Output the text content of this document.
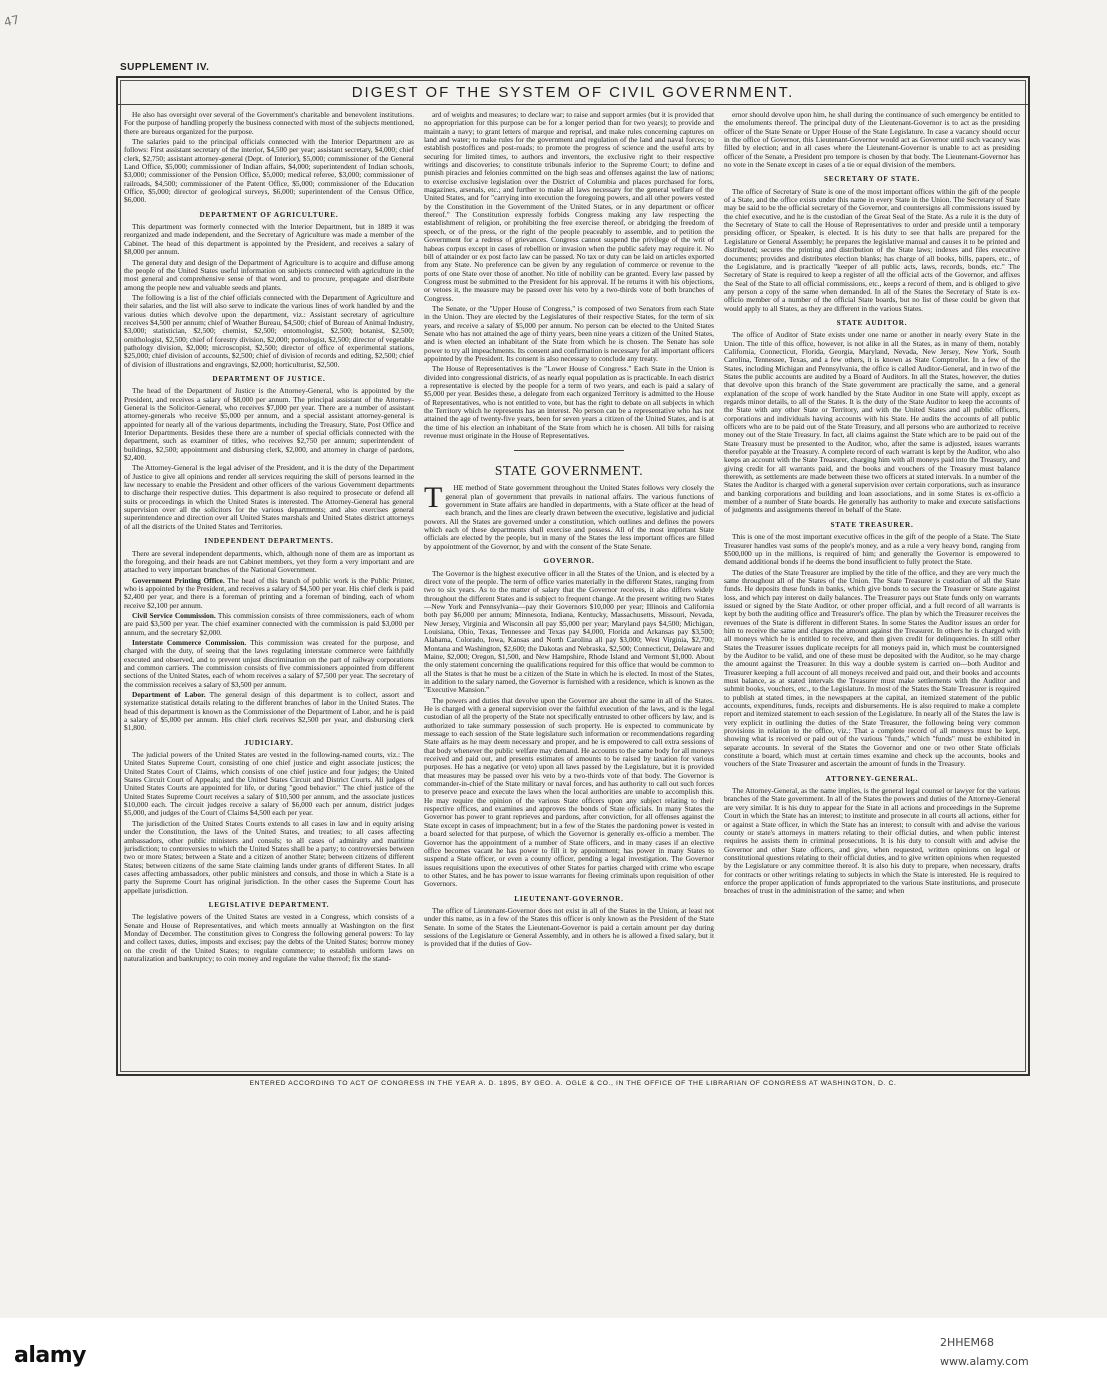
47
SUPPLEMENT IV.
DIGEST OF THE SYSTEM OF CIVIL GOVERNMENT.

He also has oversight over several of the Government's charitable and benevolent institutions. For the purpose of handling properly the business connected with most of the subjects mentioned, there are bureaus organized for the purpose.

The salaries paid to the principal officials connected with the Interior Department are as follows: First assistant secretary of the interior, $4,500 per year; assistant secretary, $4,000; chief clerk, $2,750; assistant attorney-general (Dept. of Interior), $5,000; commissioner of the General Land Office, $5,000; commissioner of Indian affairs, $4,000; superintendent of Indian schools, $3,000; commissioner of the Pension Office, $5,000; medical referee, $3,000; commissioner of railroads, $4,500; commissioner of the Patent Office, $5,000; commissioner of the Education Office, $5,000; director of geological surveys, $6,000; superintendent of the Census Office, $6,000.

DEPARTMENT OF AGRICULTURE.

This department was formerly connected with the Interior Department, but in 1889 it was reorganized and made independent, and the Secretary of Agriculture was made a member of the Cabinet. The head of this department is appointed by the President, and receives a salary of $8,000 per annum.

The general duty and design of the Department of Agriculture is to acquire and diffuse among the people of the United States useful information on subjects connected with agriculture in the most general and comprehensive sense of that word, and to procure, propagate and distribute among the people new and valuable seeds and plants.

The following is a list of the chief officials connected with the Department of Agriculture and their salaries, and the list will also serve to indicate the various lines of work handled by and the various duties which devolve upon the department, viz.: Assistant secretary of agriculture receives $4,500 per annum; chief of Weather Bureau, $4,500; chief of Bureau of Animal Industry, $3,000; statistician, $2,500; chemist, $2,500; entomologist, $2,500; botanist, $2,500; ornithologist, $2,500; chief of forestry division, $2,000; pomologist, $2,500; director of vegetable pathology division, $2,000; microscopist, $2,500; director of office of experimental stations, $25,000; chief division of accounts, $2,500; chief of division of records and editing, $2,500; chief of division of illustrations and engravings, $2,000; horticulturist, $2,500.

DEPARTMENT OF JUSTICE.

The head of the Department of Justice is the Attorney-General, who is appointed by the President, and receives a salary of $8,000 per annum. The principal assistant of the Attorney-General is the Solicitor-General, who receives $7,000 per year. There are a number of assistant attorney-generals who receive $5,000 per annum, and a special assistant attorney-general is appointed for nearly all of the various departments, including the Treasury, State, Post Office and Interior Departments. Besides these there are a number of special officials connected with the department, such as examiner of titles, who receives $2,750 per annum; superintendent of buildings, $2,500; appointment and disbursing clerk, $2,000, and attorney in charge of pardons, $2,400.

The Attorney-General is the legal adviser of the President, and it is the duty of the Department of Justice to give all opinions and render all services requiring the skill of persons learned in the law necessary to enable the President and other officers of the various Government departments to discharge their respective duties. This department is also required to prosecute or defend all suits or proceedings in which the United States is interested. The Attorney-General has general supervision over all the solicitors for the various departments; and also exercises general superintendence and direction over all United States marshals and United States district attorneys of all the districts of the United States and Territories.

INDEPENDENT DEPARTMENTS.

There are several independent departments, which, although none of them are as important as the foregoing, and their heads are not Cabinet members, yet they form a very important and are attached to very important branches of the National Government.

Government Printing Office. The head of this branch of public work is the Public Printer, who is appointed by the President, and receives a salary of $4,500 per year. His chief clerk is paid $2,400 per year, and there is a foreman of printing and a foreman of binding, each of whom receive $2,100 per annum.

Civil Service Commission. This commission consists of three commissioners, each of whom are paid $3,500 per year. The chief examiner connected with the commission is paid $3,000 per annum, and the secretary $2,000.

Interstate Commerce Commission. This commission was created for the purpose, and charged with the duty, of seeing that the laws regulating interstate commerce were faithfully executed and observed, and to prevent unjust discrimination on the part of railway corporations and common carriers. The commission consists of five commissioners appointed from different sections of the United States, each of whom receives a salary of $7,500 per year. The secretary of the commission receives a salary of $3,500 per annum.

Department of Labor. The general design of this department is to collect, assort and systematize statistical details relating to the different branches of labor in the United States. The head of this department is known as the Commissioner of the Department of Labor, and he is paid a salary of $5,000 per annum. His chief clerk receives $2,500 per year, and disbursing clerk $1,800.

JUDICIARY.

The judicial powers of the United States are vested in the following-named courts, viz.: The United States Supreme Court, consisting of one chief justice and eight associate justices; the United States Court of Claims, which consists of one chief justice and four judges; the United States Circuit Court of Appeals; and the United States Circuit and District Courts. All judges of United States Courts are appointed for life, or during "good behavior." The chief justice of the United States Supreme Court receives a salary of $10,500 per annum, and the associate justices $10,000 each. The circuit judges receive a salary of $6,000 each per annum, district judges $5,000, and judges of the Court of Claims $4,500 each per year.

The jurisdiction of the United States Courts extends to all cases in law and in equity arising under the Constitution, the laws of the United States, and treaties; to all cases affecting ambassadors, other public ministers and consuls; to all cases of admiralty and maritime jurisdiction; to controversies to which the United States shall be a party; to controversies between two or more States; between a State and a citizen of another State; between citizens of different States; between citizens of the same State claiming lands under grants of different States. In all cases affecting ambassadors, other public ministers and consuls, and those in which a State is a party the Supreme Court has original jurisdiction. In the other cases the Supreme Court has appellate jurisdiction.

LEGISLATIVE DEPARTMENT.

The legislative powers of the United States are vested in a Congress, which consists of a Senate and House of Representatives, and which meets annually at Washington on the first Monday of December. The constitution gives to Congress the following general powers: To lay and collect taxes, duties, imposts and excises; pay the debts of the United States; borrow money on the credit of the United States; to regulate commerce; to establish uniform laws on naturalization and bankruptcy; to coin money and regulate the value thereof; fix the stand-

ard of weights and measures; to declare war; to raise and support armies (but it is provided that no appropriation for this purpose can be for a longer period than for two years); to provide and maintain a navy; to grant letters of marque and reprisal, and make rules concerning captures on land and water; to make rules for the government and regulation of the land and naval forces; to establish postoffices and post-roads; to promote the progress of science and the useful arts by securing for limited times, to authors and inventors, the exclusive right to their respective writings and discoveries; to constitute tribunals inferior to the Supreme Court; to define and punish piracies and felonies committed on the high seas and offenses against the law of nations; to exercise exclusive legislation over the District of Columbia and places purchased for forts, magazines, arsenals, etc.; and further to make all laws necessary for the general welfare of the United States, and for "carrying into execution the foregoing powers, and all other powers vested by the Constitution in the Government of the United States, or in any department or officer thereof." The Constitution expressly forbids Congress making any law respecting the establishment of religion, or prohibiting the free exercise thereof, or abridging the freedom of speech, or of the press, or the right of the people peaceably to assemble, and to petition the Government for a redress of grievances. Congress cannot suspend the privilege of the writ of habeas corpus except in cases of rebellion or invasion when the public safety may require it. No bill of attainder or ex post facto law can be passed. No tax or duty can be laid on articles exported from any State. No preference can be given by any regulation of commerce or revenue to the ports of one State over those of another. No title of nobility can be granted. Every law passed by Congress must be submitted to the President for his approval. If he returns it with his objections, or vetoes it, the measure may be passed over his veto by a two-thirds vote of both branches of Congress.

The Senate, or the "Upper House of Congress," is composed of two Senators from each State in the Union. They are elected by the Legislatures of their respective States, for the term of six years, and receive a salary of $5,000 per annum. No person can be elected to the United States Senate who has not attained the age of thirty years, been nine years a citizen of the United States, and is when elected an inhabitant of the State from which he is chosen. The Senate has sole power to try all impeachments. Its consent and confirmation is necessary for all important officers appointed by the President. Its consent is also necessary to conclude any treaty.

The House of Representatives is the "Lower House of Congress." Each State in the Union is divided into congressional districts, of as nearly equal population as is practicable. In each district a representative is elected by the people for a term of two years, and each is paid a salary of $5,000 per year. Besides these, a delegate from each organized Territory is admitted to the House of Representatives, who is not entitled to vote, but has the right to debate on all subjects in which the Territory which he represents has an interest. No person can be a representative who has not attained the age of twenty-five years, been for seven years a citizen of the United States, and is at the time of his election an inhabitant of the State from which he is chosen. All bills for raising revenue must originate in the House of Representatives.

STATE GOVERNMENT.

T HE method of State government throughout the United States follows very closely the general plan of government that prevails in national affairs. The various functions of government in State affairs are handled in departments, with a State officer at the head of each branch, and the lines are clearly drawn between the executive, legislative and judicial powers. All the States are governed under a constitution, which outlines and defines the powers which each of these departments shall exercise and possess. All of the most important State officials are elected by the people, but in many of the States the less important offices are filled by appointment of the Governor, by and with the consent of the State Senate.

GOVERNOR.

The Governor is the highest executive officer in all the States of the Union, and is elected by a direct vote of the people. The term of office varies materially in the different States, ranging from two to six years. As to the matter of salary that the Governor receives, it also differs widely throughout the different States and is subject to frequent change. At the present writing two States—New York and Pennsylvania—pay their Governors $10,000 per year; Illinois and California both pay $6,000 per annum; Minnesota, Indiana, Kentucky, Massachusetts, Missouri, Nevada, New Jersey, Virginia and Wisconsin all pay $5,000 per year; Maryland pays $4,500; Michigan, Louisiana, Ohio, Texas, Tennessee and Texas pay $4,000, Florida and Arkansas pay $3,500; Alabama, Colorado, Iowa, Kansas and North Carolina all pay $3,000; West Virginia, $2,700; Montana and Washington, $2,600; the Dakotas and Nebraska, $2,500; Connecticut, Delaware and Maine, $2,000; Oregon, $1,500, and New Hampshire, Rhode Island and Vermont $1,000. About the only statement concerning the qualifications required for this office that would be common to all the States is that he must be a citizen of the State in which he is elected. In most of the States, in addition to the salary named, the Governor is furnished with a residence, which is known as the "Executive Mansion."

The powers and duties that devolve upon the Governor are about the same in all of the States. He is charged with a general supervision over the faithful execution of the laws, and is the legal custodian of all the property of the State not specifically entrusted to other officers by law, and is authorized to take summary possession of such property. He is expected to communicate by message to each session of the State legislature such information or recommendations regarding State affairs as he may deem necessary and proper, and he is empowered to call extra sessions of that body whenever the public welfare may demand. He accounts to the same body for all moneys received and paid out, and presents estimates of amounts to be raised by taxation for various purposes. He has a negative (or veto) upon all laws passed by the Legislature, but it is provided that measures may be passed over his veto by a two-thirds vote of that body. The Governor is commander-in-chief of the State military or naval forces, and has authority to call out such forces to preserve peace and execute the laws when the local authorities are unable to accomplish this. He may require the opinion of the various State officers upon any subject relating to their respective offices, and examines and approves the bonds of State officials. In many States the Governor has power to grant reprieves and pardons, after conviction, for all offenses against the State except in cases of impeachment; but in a few of the States the pardoning power is vested in a board selected for that purpose, of which the Governor is generally ex-officio a member. The Governor has the appointment of a number of State officers, and in many cases if an elective office becomes vacant he has power to fill it by appointment; has power in many States to suspend a State officer, or even a county officer, pending a legal investigation. The Governor issues requisitions upon the executives of other States for parties charged with crime who escape to other States, and he has power to issue warrants for fleeing criminals upon requisition of other Governors.

LIEUTENANT-GOVERNOR.

The office of Lieutenant-Governor does not exist in all of the States in the Union, at least not under this name, as in a few of the States this officer is only known as the President of the State Senate. In some of the States the Lieutenant-Governor is paid a certain amount per day during sessions of the Legislature or General Assembly, and in others he is allowed a fixed salary, but it is provided that if the duties of Gov-

ernor should devolve upon him, he shall during the continuance of such emergency be entitled to the emoluments thereof. The principal duty of the Lieutenant-Governor is to act as the presiding officer of the State Senate or Upper House of the State Legislature. In case a vacancy should occur in the office of Governor, this Lieutenant-Governor would act as Governor until such vacancy was filled by election; and in all cases where the Lieutenant-Governor is unable to act as presiding officer of the Senate, a President pro tempore is chosen by that body. The Lieutenant-Governor has no vote in the Senate except in cases of a tie or equal division of the members.

SECRETARY OF STATE.

The office of Secretary of State is one of the most important offices within the gift of the people of a State, and the office exists under this name in every State in the Union. The Secretary of State may be said to be the official secretary of the Governor, and countersigns all commissions issued by the chief executive, and he is the custodian of the Great Seal of the State. As a rule it is the duty of the Secretary of State to call the House of Representatives to order and preside until a temporary presiding officer, or Speaker, is elected. It is his duty to see that halls are prepared for the Legislature or General Assembly; he prepares the legislative manual and causes it to be printed and distributed; secures the printing and distribution of the State laws; indexes and files executive documents; provides and distributes election blanks; has charge of all books, bills, papers, etc., of the Legislature, and is practically "keeper of all public acts, laws, records, bonds, etc." The Secretary of State is required to keep a register of all the official acts of the Governor, and affixes the Seal of the State to all official commissions, etc., keeps a record of them, and is obliged to give any person a copy of the same when demanded. In all of the States the Secretary of State is ex-officio member of a number of the official State boards, but no list of these could be given that would apply to all States, as they are different in the various States.

STATE AUDITOR.

The office of Auditor of State exists under one name or another in nearly every State in the Union. The title of this office, however, is not alike in all the States, as in many of them, notably California, Connecticut, Florida, Georgia, Maryland, Nevada, New Jersey, New York, South Carolina, Tennessee, Texas, and a few others, it is known as State Comptroller. In a few of the States, including Michigan and Pennsylvania, the office is called Auditor-General, and in two of the States the public accounts are audited by a Board of Auditors. In all the States, however, the duties that devolve upon this branch of the State government are practically the same, and a general explanation of the scope of work handled by the State Auditor in one State will apply, except as regards minor details, to all of the States. It is the duty of the State Auditor to keep the accounts of the State with any other State or Territory, and with the United States and all public officers, corporations and individuals having accounts with his State. He audits the accounts of all public officers who are to be paid out of the State Treasury, and all persons who are authorized to receive money out of the State Treasury. In fact, all claims against the State which are to be paid out of the State Treasury must be presented to the Auditor, who, after the same is adjusted, issues warrants therefor payable at the Treasury. A complete record of each warrant is kept by the Auditor, who also keeps an account with the State Treasurer, charging him with all moneys paid into the Treasury, and giving credit for all warrants paid, and the books and vouchers of the Treasury must balance therewith, as settlements are made between these two officers at stated intervals. In a number of the States the Auditor is charged with a general supervision over certain corporations, such as insurance and banking corporations and building and loan associations, and in some States is ex-officio a member of a number of State boards. He generally has authority to make and execute satisfactions of judgments and assignments thereof in behalf of the State.

STATE TREASURER.

This is one of the most important executive offices in the gift of the people of a State. The State Treasurer handles vast sums of the people's money, and as a rule a very heavy bond, ranging from $500,000 up in the millions, is required of him; and generally the Governor is empowered to demand additional bonds if he deems the bond insufficient to fully protect the State.

The duties of the State Treasurer are implied by the title of the office, and they are very much the same throughout all of the States of the Union. The State Treasurer is custodian of all the State funds. He deposits these funds in banks, which give bonds to secure the Treasurer or State against loss, and which pay interest on daily balances. The Treasurer pays out State funds only on warrants issued or signed by the State Auditor, or other proper official, and a full record of all warrants is kept by both the auditing office and Treasurer's office. The plan by which the Treasurer receives the revenues of the State is different in different States. In some States the Auditor issues an order for him to receive the same and charges the amount against the Treasurer. In others he is charged with all moneys which he is entitled to receive, and then given credit for delinquencies. In still other States the Treasurer issues duplicate receipts for all moneys paid in, which must be countersigned by the Auditor to be valid, and one of these must be deposited with the Auditor, so he may charge the amount against the Treasurer. In this way a double system is carried on—both Auditor and Treasurer keeping a full account of all moneys received and paid out, and their books and accounts must balance, as at stated intervals the Treasurer must make settlements with the Auditor and submit books, vouchers, etc., to the Legislature. In most of the States the State Treasurer is required to publish at stated times, in the newspapers at the capital, an itemized statement of the public accounts, expenditures, funds, receipts and disbursements. He is also required to make a complete report and itemized statement to each session of the Legislature. In nearly all of the States the law is very explicit in outlining the duties of the State Treasurer, the following being very common provisions in relation to the office, viz.: That a complete record of all moneys must be kept, showing what is received or paid out of the various "funds," which "funds" must be exhibited in separate accounts. In several of the States the Governor and one or two other State officials constitute a board, which must at certain times examine and check up the accounts, books and vouchers of the State Treasurer and ascertain the amount of funds in the Treasury.

ATTORNEY-GENERAL.

The Attorney-General, as the name implies, is the general legal counsel or lawyer for the various branches of the State government. In all of the States the powers and duties of the Attorney-General are very similar. It is his duty to appear for the State in all actions and proceedings in the Supreme Court in which the State has an interest; to institute and prosecute in all courts all actions, either for or against a State officer, in which the State has an interest; to consult with and advise the various county or state's attorneys in matters relating to their official duties, and when public interest requires he assists them in criminal prosecutions. It is his duty to consult with and advise the Governor and other State officers, and give, when requested, written opinions on legal or constitutional questions relating to their official duties, and to give written opinions when requested by the Legislature or any committee thereof. It is also his duty to prepare, when necessary, drafts for contracts or other writings relating to subjects in which the State is interested. He is required to enforce the proper application of funds appropriated to the various State institutions, and prosecute breaches of trust in the administration of the same; and when

ENTERED ACCORDING TO ACT OF CONGRESS IN THE YEAR A. D. 1895, BY GEO. A. OGLE & CO., IN THE OFFICE OF THE LIBRARIAN OF CONGRESS AT WASHINGTON, D. C.
alamy
2HHEM68
www.alamy.com
